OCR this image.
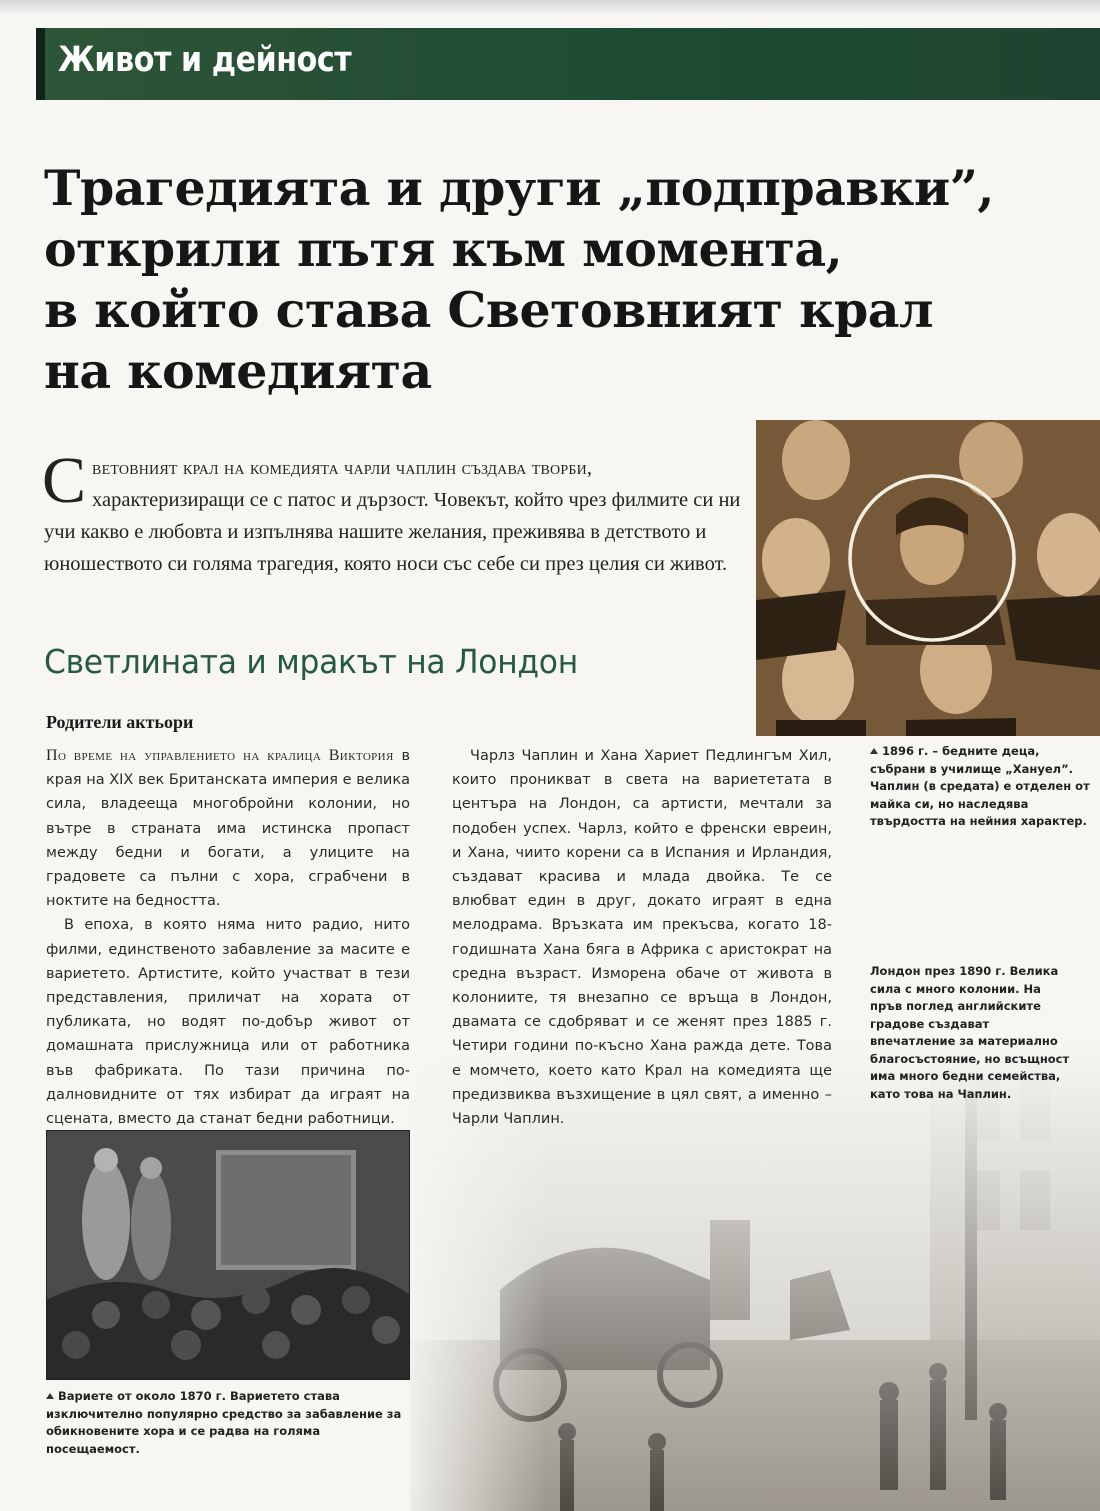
Живот и дейност
Трагедията и други „подправки”,
открили пътя към момента,
в който става Световният крал
на комедията
Световният крал на комедията чарли чаплин създава творби, характеризиращи се с патос и дързост. Човекът, който чрез филмите си ни учи какво е любовта и изпълнява нашите желания, преживява в детството и юношеството си голяма трагедия, която носи със себе си през целия си живот.
1896 г. – бедните деца, събрани в училище „Хануел”. Чаплин (в средата) е отделен от майка си, но наследява твърдостта на нейния характер.
Светлината и мракът на Лондон
Родители актьори

По време на управлението на кралица Виктория в края на XIX век Британската империя е велика сила, владееща многобройни колонии, но вътре в страната има истинска пропаст между бедни и богати, а улиците на градовете са пълни с хора, сграбчени в ноктите на бедността.

В епоха, в която няма нито радио, нито филми, единственото забавление за масите е вариетето. Артистите, който участват в тези представления, приличат на хората от публиката, но водят по-добър живот от домашната прислужница или от работника във фабриката. По тази причина по-далновидните от тях избират да играят на сцената, вместо да станат бедни работници.

Чарлз Чаплин и Хана Хариет Педлингъм Хил, които проникват в света на вариететата в центъра на Лондон, са артисти, мечтали за подобен успех. Чарлз, който е френски евреин, и Хана, чиито корени са в Испания и Ирландия, създават красива и млада двойка. Те се влюбват един в друг, докато играят в една мелодрама. Връзката им прекъсва, когато 18-годишната Хана бяга в Африка с аристократ на средна възраст. Изморена обаче от живота в колониите, тя внезапно се връща в Лондон, двамата се сдобряват и се женят през 1885 г. Четири години по-късно Хана ражда дете. Това е момчето, което като Крал на комедията ще предизвиква възхищение в цял свят, а именно – Чарли Чаплин.

Лондон през 1890 г. Велика сила с много колонии. На пръв поглед английските градове създават впечатление за материално благосъстояние, но всъщност има много бедни семейства, като това на Чаплин.
Вариете от около 1870 г. Вариетето става изключително популярно средство за забавление за обикновените хора и се радва на голяма посещаемост.
